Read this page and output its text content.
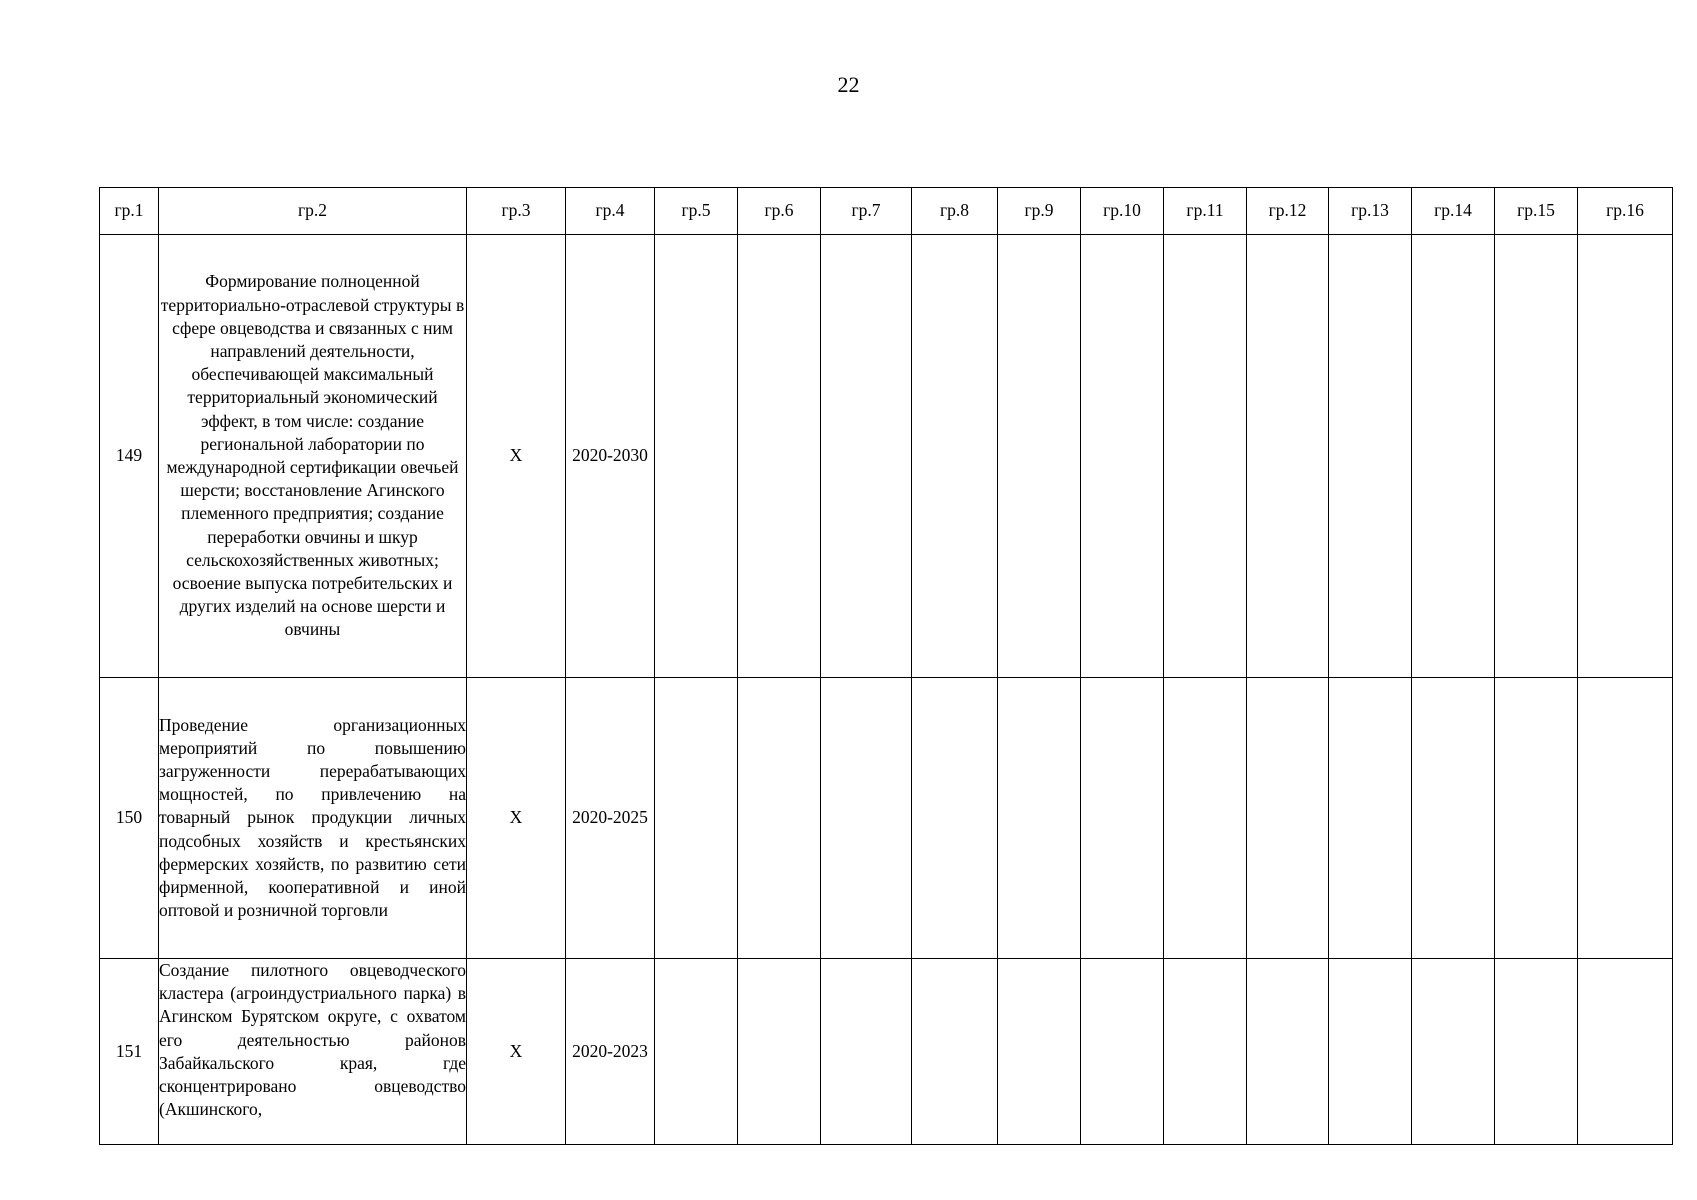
22
гр.1	гр.2	гр.3	гр.4	гр.5	гр.6	гр.7	гр.8	гр.9	гр.10	гр.11	гр.12	гр.13	гр.14	гр.15	гр.16
149	Формирование полноценной территориально-отраслевой структуры в сфере овцеводства и связанных с ним направлений деятельности, обеспечивающей максимальный территориальный экономический эффект, в том числе: создание региональной лаборатории по международной сертификации овечьей шерсти; восстановление Агинского племенного предприятия; создание переработки овчины и шкур сельскохозяйственных животных; освоение выпуска потребительских и других изделий на основе шерсти и овчины	Х	2020-2030												
150	Проведение организационных мероприятий по повышению загруженности перерабатывающих мощностей, по привлечению на товарный рынок продукции личных подсобных хозяйств и крестьянских фермерских хозяйств, по развитию сети фирменной, кооперативной и иной оптовой и розничной торговли	Х	2020-2025												
151	Создание пилотного овцеводческого кластера (агроиндустриального парка) в Агинском Бурятском округе, с охватом его деятельностью районов Забайкальского края, где сконцентрировано овцеводство (Акшинского,	Х	2020-2023												
